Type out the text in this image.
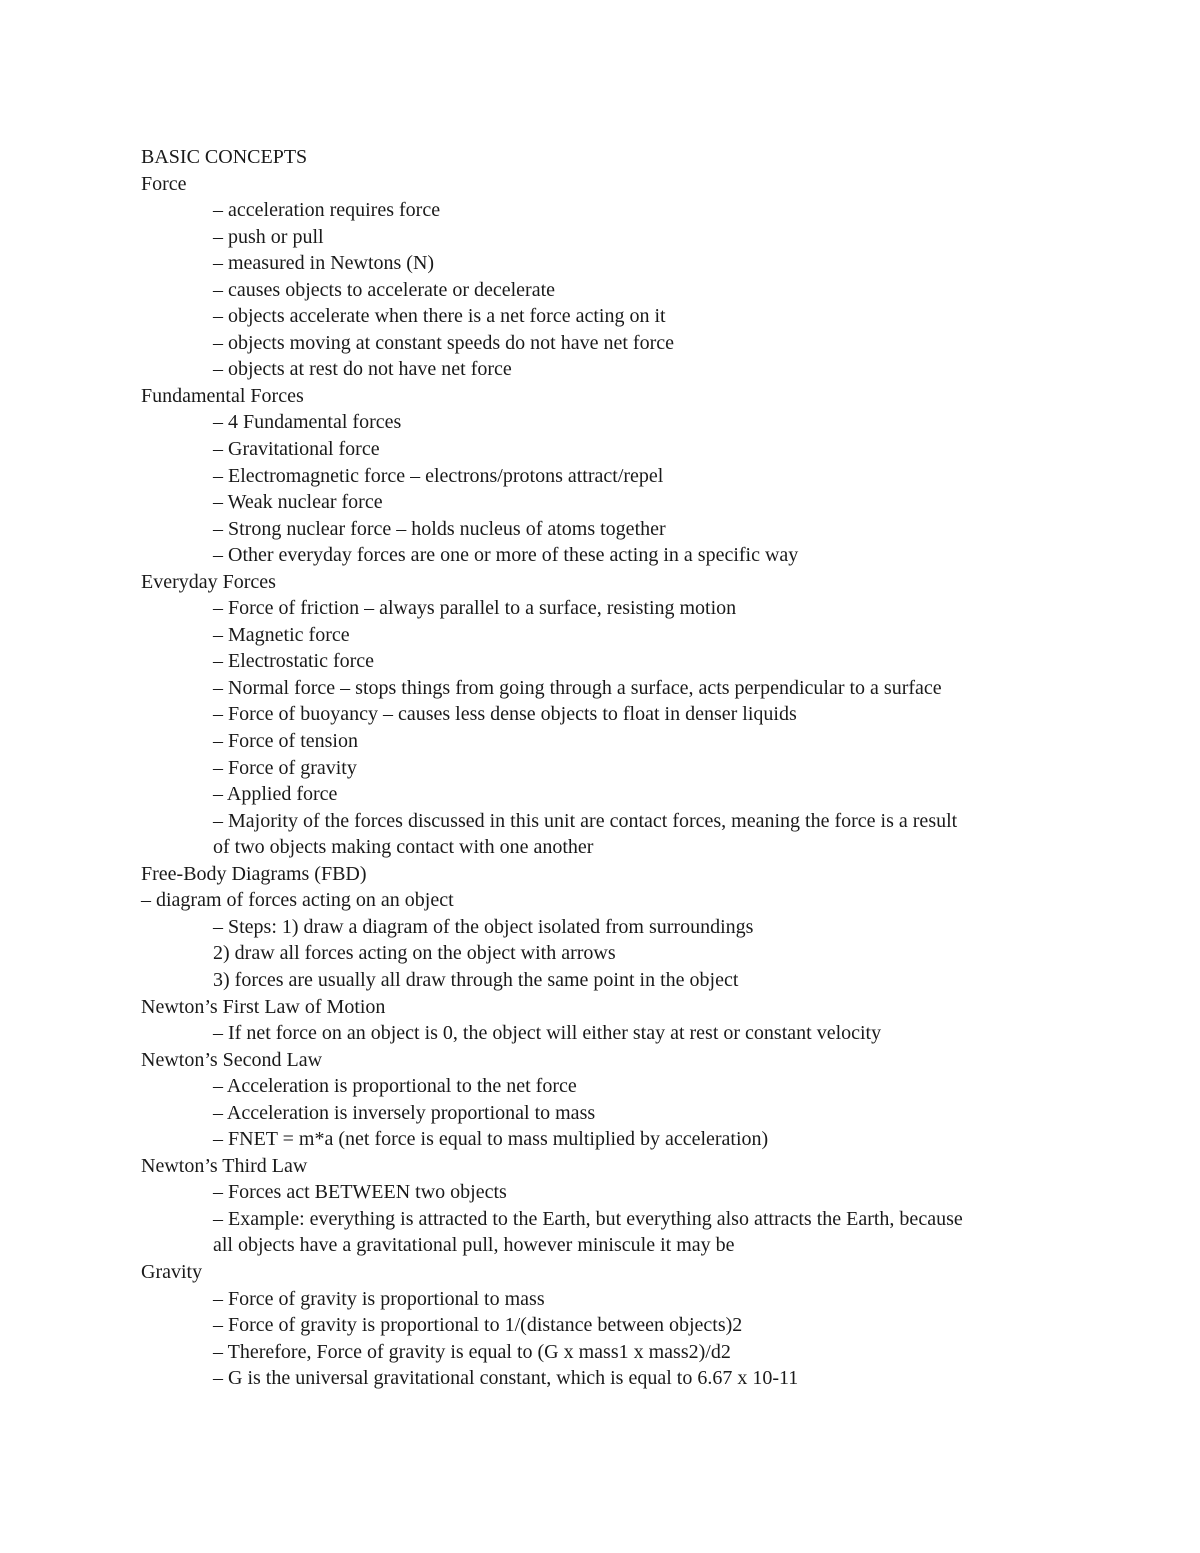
BASIC CONCEPTS
Force
– acceleration requires force
– push or pull
– measured in Newtons (N)
– causes objects to accelerate or decelerate
– objects accelerate when there is a net force acting on it
– objects moving at constant speeds do not have net force
– objects at rest do not have net force
Fundamental Forces
– 4 Fundamental forces
– Gravitational force
– Electromagnetic force – electrons/protons attract/repel
– Weak nuclear force
– Strong nuclear force – holds nucleus of atoms together
– Other everyday forces are one or more of these acting in a specific way
Everyday Forces
– Force of friction – always parallel to a surface, resisting motion
– Magnetic force
– Electrostatic force
– Normal force – stops things from going through a surface, acts perpendicular to a surface
– Force of buoyancy – causes less dense objects to float in denser liquids
– Force of tension
– Force of gravity
– Applied force
– Majority of the forces discussed in this unit are contact forces, meaning the force is a result
of two objects making contact with one another
Free-Body Diagrams (FBD)
– diagram of forces acting on an object
– Steps: 1) draw a diagram of the object isolated from surroundings
2) draw all forces acting on the object with arrows
3) forces are usually all draw through the same point in the object
Newton’s First Law of Motion
– If net force on an object is 0, the object will either stay at rest or constant velocity
Newton’s Second Law
– Acceleration is proportional to the net force
– Acceleration is inversely proportional to mass
– FNET = m*a (net force is equal to mass multiplied by acceleration)
Newton’s Third Law
– Forces act BETWEEN two objects
– Example: everything is attracted to the Earth, but everything also attracts the Earth, because
all objects have a gravitational pull, however miniscule it may be
Gravity
– Force of gravity is proportional to mass
– Force of gravity is proportional to 1/(distance between objects)2
– Therefore, Force of gravity is equal to (G x mass1 x mass2)/d2
– G is the universal gravitational constant, which is equal to 6.67 x 10-11
